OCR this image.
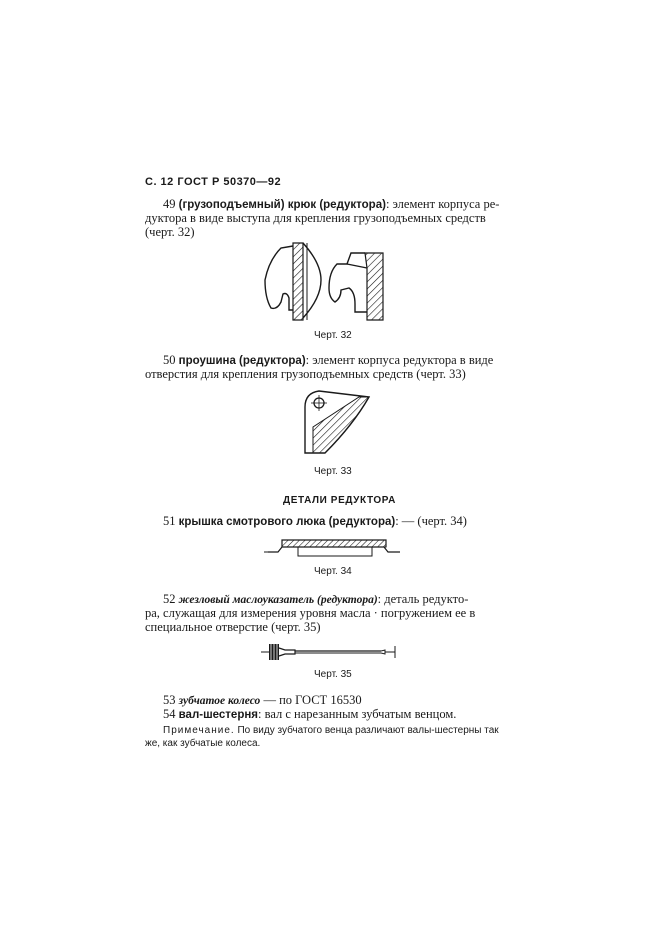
С. 12 ГОСТ Р 50370—92
49 (грузоподъемный) крюк (редуктора): элемент корпуса ре-
дуктора в виде выступа для крепления грузоподъемных средств
(черт. 32)
Черт. 32
50 проушина (редуктора): элемент корпуса редуктора в виде
отверстия для крепления грузоподъемных средств (черт. 33)
Черт. 33
ДЕТАЛИ РЕДУКТОРА
51 крышка смотрового люка (редуктора): — (черт. 34)
Черт. 34
52 жезловый маслоуказатель (редуктора): деталь редукто-
ра, служащая для измерения уровня масла · погружением ее в
специальное отверстие (черт. 35)
Черт. 35
53 зубчатое колесо — по ГОСТ 16530
54 вал-шестерня: вал с нарезанным зубчатым венцом.
Примечание. По виду зубчатого венца различают валы-шестерны так
же, как зубчатые колеса.
